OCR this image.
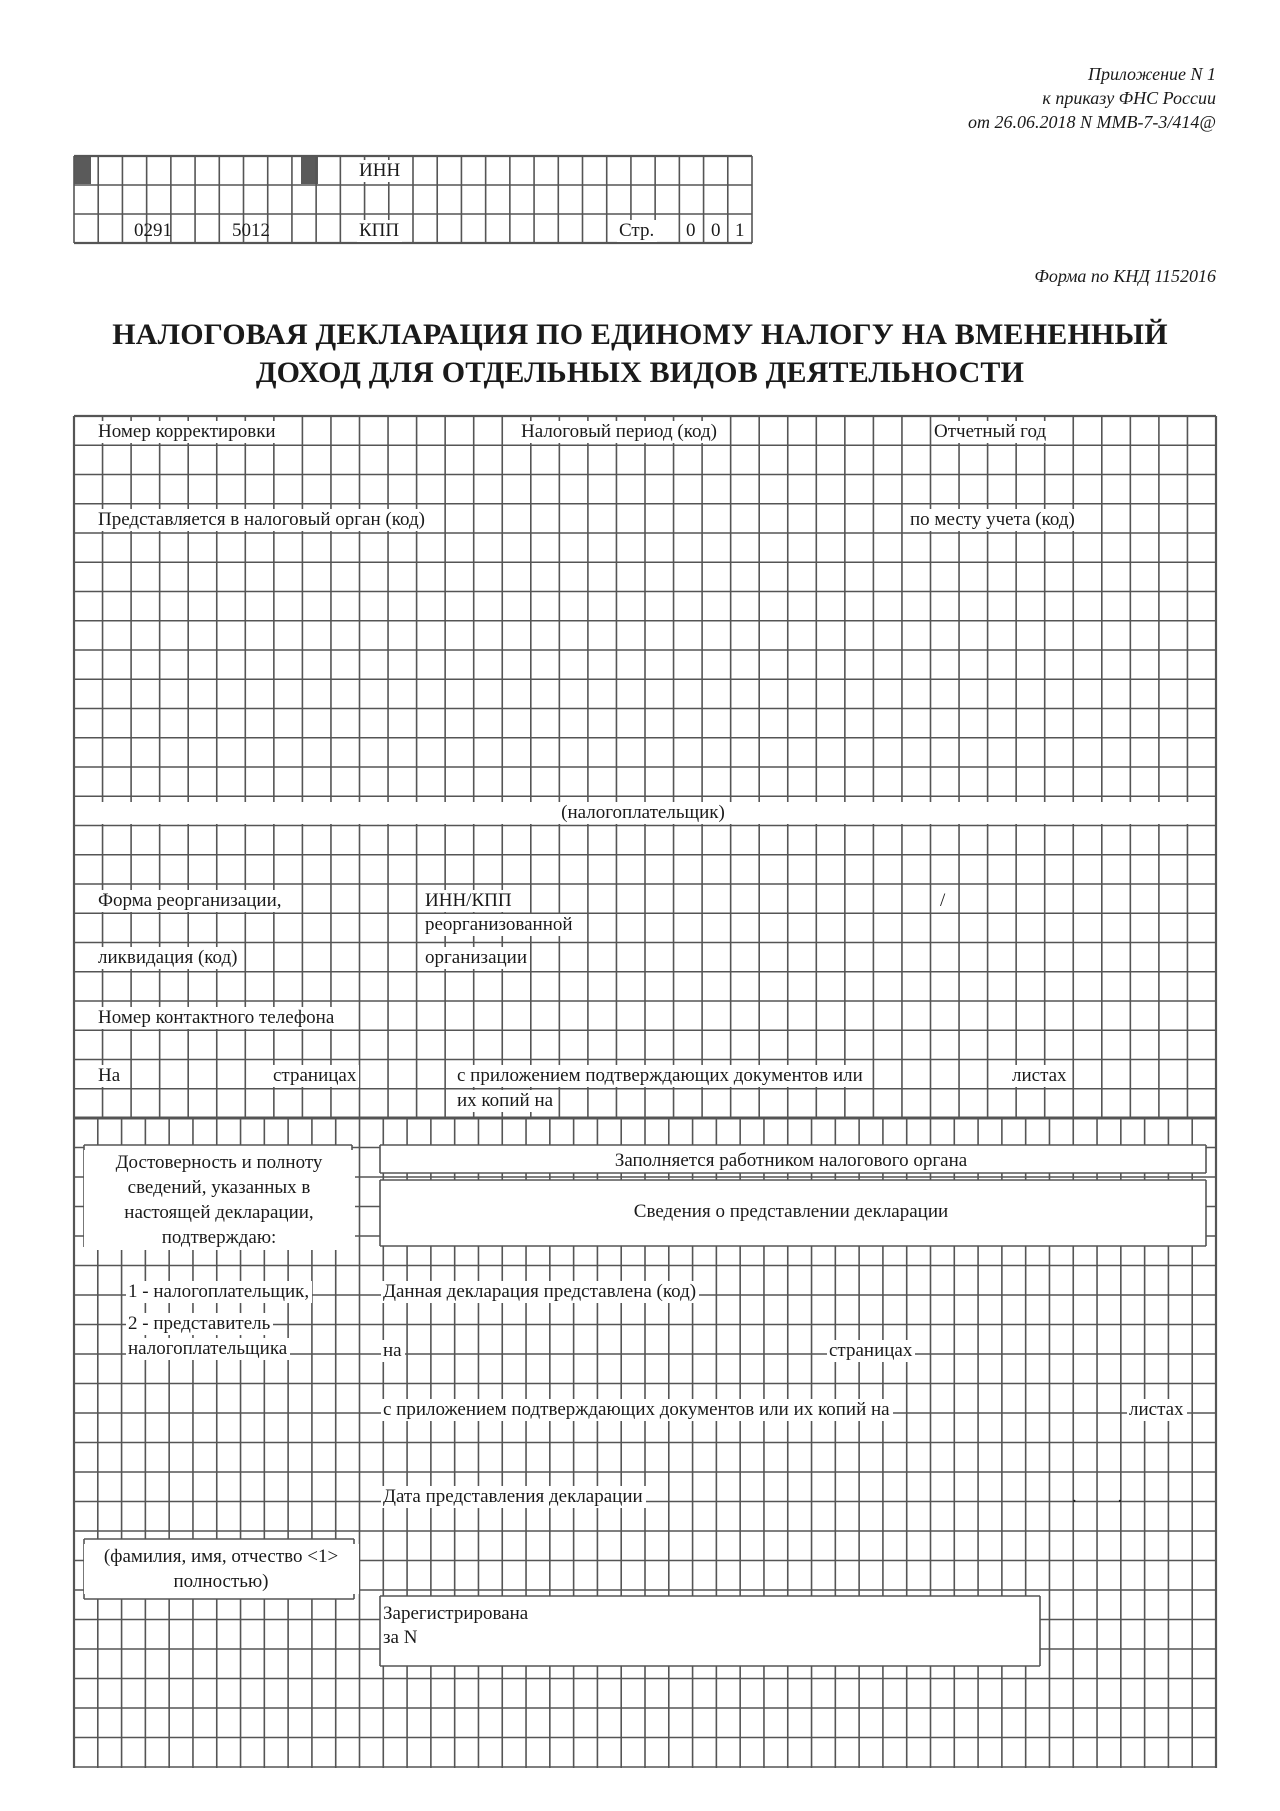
Приложение N 1
к приказу ФНС России
от 26.06.2018 N ММВ-7-3/414@
ИНН
0291	5012	КПП	Стр. 0 0 1
Форма по КНД 1152016
НАЛОГОВАЯ ДЕКЛАРАЦИЯ ПО ЕДИНОМУ НАЛОГУ НА ВМЕНЕННЫЙ
ДОХОД ДЛЯ ОТДЕЛЬНЫХ ВИДОВ ДЕЯТЕЛЬНОСТИ
Номер корректировки	Налоговый период (код)	Отчетный год
Представляется в налоговый орган (код)	по месту учета (код)
(налогоплательщик)
Форма реорганизации,
ликвидация (код)
ИНН/КПП
реорганизованной
организации
/
Номер контактного телефона
На	страницах	с приложением подтверждающих документов или
их копий на
листах
Достоверность и полноту сведений, указанных в настоящей декларации, подтверждаю:
1 - налогоплательщик,
2 - представитель
налогоплательщика
(фамилия, имя, отчество <1> полностью)
Заполняется работником налогового органа
Сведения о представлении декларации
Данная декларация представлена (код)
на	страницах
с приложением подтверждающих документов или их копий на	листах
Дата представления декларации	. .
Зарегистрирована
за N
